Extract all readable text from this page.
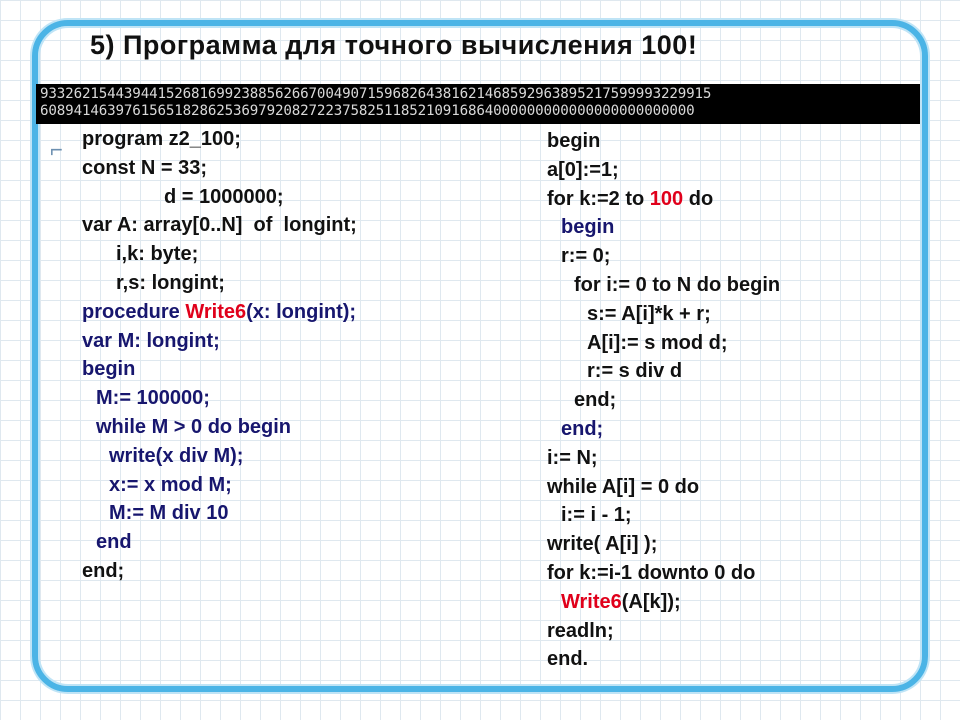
5) Программа для точного вычисления 100!
93326215443944152681699238856266700490715968264381621468592963895217599993229915
608941463976156518286253697920827223758251185210916864000000000000000000000000
⌐ program z2_100;
const N = 33;
d = 1000000;
var A: array[0..N]  of  longint;
i,k: byte;
r,s: longint;
procedure Write6(x: longint);
var M: longint;
begin
M:= 100000;
while M > 0 do begin
write(x div M);
x:= x mod M;
M:= M div 10
end
end;
begin
a[0]:=1;
for k:=2 to 100 do
begin
r:= 0;
for i:= 0 to N do begin
s:= A[i]*k + r;
A[i]:= s mod d;
r:= s div d
end;
end;
i:= N;
while A[i] = 0 do
i:= i - 1;
write( A[i] );
for k:=i-1 downto 0 do
Write6(A[k]);
readln;
end.
